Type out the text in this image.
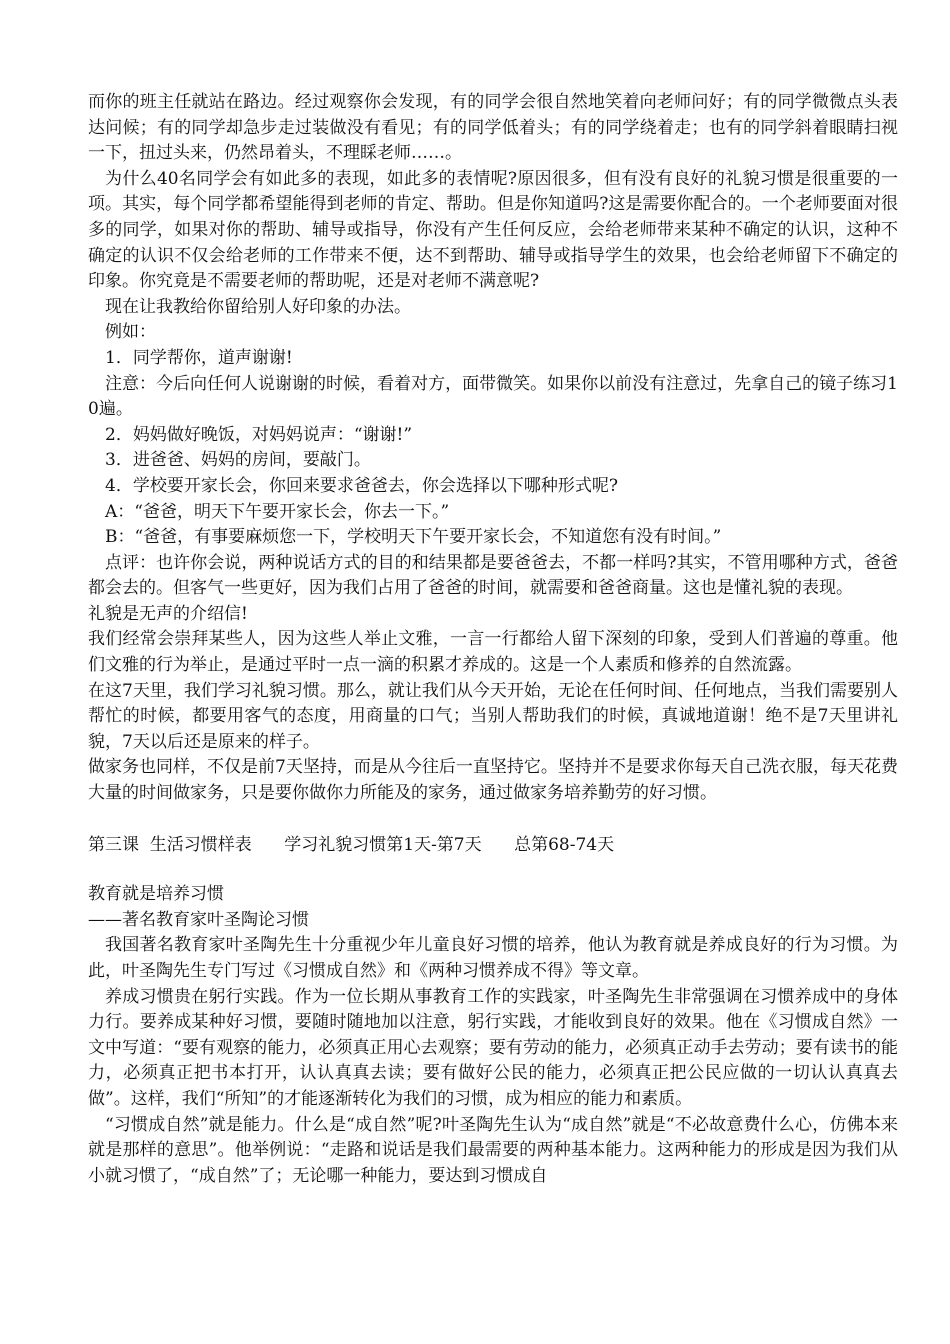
而你的班主任就站在路边。经过观察你会发现，有的同学会很自然地笑着向老师问好；有的同学微微点头表达问候；有的同学却急步走过装做没有看见；有的同学低着头；有的同学绕着走；也有的同学斜着眼睛扫视一下，扭过头来，仍然昂着头，不理睬老师……。

为什么40名同学会有如此多的表现，如此多的表情呢?原因很多，但有没有良好的礼貌习惯是很重要的一项。其实，每个同学都希望能得到老师的肯定、帮助。但是你知道吗?这是需要你配合的。一个老师要面对很多的同学，如果对你的帮助、辅导或指导，你没有产生任何反应，会给老师带来某种不确定的认识，这种不确定的认识不仅会给老师的工作带来不便，达不到帮助、辅导或指导学生的效果，也会给老师留下不确定的印象。你究竟是不需要老师的帮助呢，还是对老师不满意呢?

现在让我教给你留给别人好印象的办法。

例如：

1．同学帮你，道声谢谢!

注意：今后向任何人说谢谢的时候，看着对方，面带微笑。如果你以前没有注意过，先拿自己的镜子练习10遍。

2．妈妈做好晚饭，对妈妈说声：“谢谢!”

3．进爸爸、妈妈的房间，要敲门。

4．学校要开家长会，你回来要求爸爸去，你会选择以下哪种形式呢?

A：“爸爸，明天下午要开家长会，你去一下。”

B：“爸爸，有事要麻烦您一下，学校明天下午要开家长会，不知道您有没有时间。”

点评：也许你会说，两种说话方式的目的和结果都是要爸爸去，不都一样吗?其实，不管用哪种方式，爸爸都会去的。但客气一些更好，因为我们占用了爸爸的时间，就需要和爸爸商量。这也是懂礼貌的表现。

礼貌是无声的介绍信!

我们经常会崇拜某些人，因为这些人举止文雅，一言一行都给人留下深刻的印象，受到人们普遍的尊重。他们文雅的行为举止，是通过平时一点一滴的积累才养成的。这是一个人素质和修养的自然流露。

在这7天里，我们学习礼貌习惯。那么，就让我们从今天开始，无论在任何时间、任何地点，当我们需要别人帮忙的时候，都要用客气的态度，用商量的口气；当别人帮助我们的时候，真诚地道谢！绝不是7天里讲礼貌，7天以后还是原来的样子。

做家务也同样，不仅是前7天坚持，而是从今往后一直坚持它。坚持并不是要求你每天自己洗衣服，每天花费大量的时间做家务，只是要你做你力所能及的家务，通过做家务培养勤劳的好习惯。

第三课  生活习惯样表 学习礼貌习惯第1天-第7天 总第68-74天

教育就是培养习惯

——著名教育家叶圣陶论习惯

我国著名教育家叶圣陶先生十分重视少年儿童良好习惯的培养，他认为教育就是养成良好的行为习惯。为此，叶圣陶先生专门写过《习惯成自然》和《两种习惯养成不得》等文章。

养成习惯贵在躬行实践。作为一位长期从事教育工作的实践家，叶圣陶先生非常强调在习惯养成中的身体力行。要养成某种好习惯，要随时随地加以注意，躬行实践，才能收到良好的效果。他在《习惯成自然》一文中写道：“要有观察的能力，必须真正用心去观察；要有劳动的能力，必须真正动手去劳动；要有读书的能力，必须真正把书本打开，认认真真去读；要有做好公民的能力，必须真正把公民应做的一切认认真真去做”。这样，我们“所知”的才能逐渐转化为我们的习惯，成为相应的能力和素质。

“习惯成自然”就是能力。什么是“成自然”呢?叶圣陶先生认为“成自然”就是“不必故意费什么心，仿佛本来就是那样的意思”。他举例说：“走路和说话是我们最需要的两种基本能力。这两种能力的形成是因为我们从小就习惯了，“成自然”了；无论哪一种能力，要达到习惯成自
